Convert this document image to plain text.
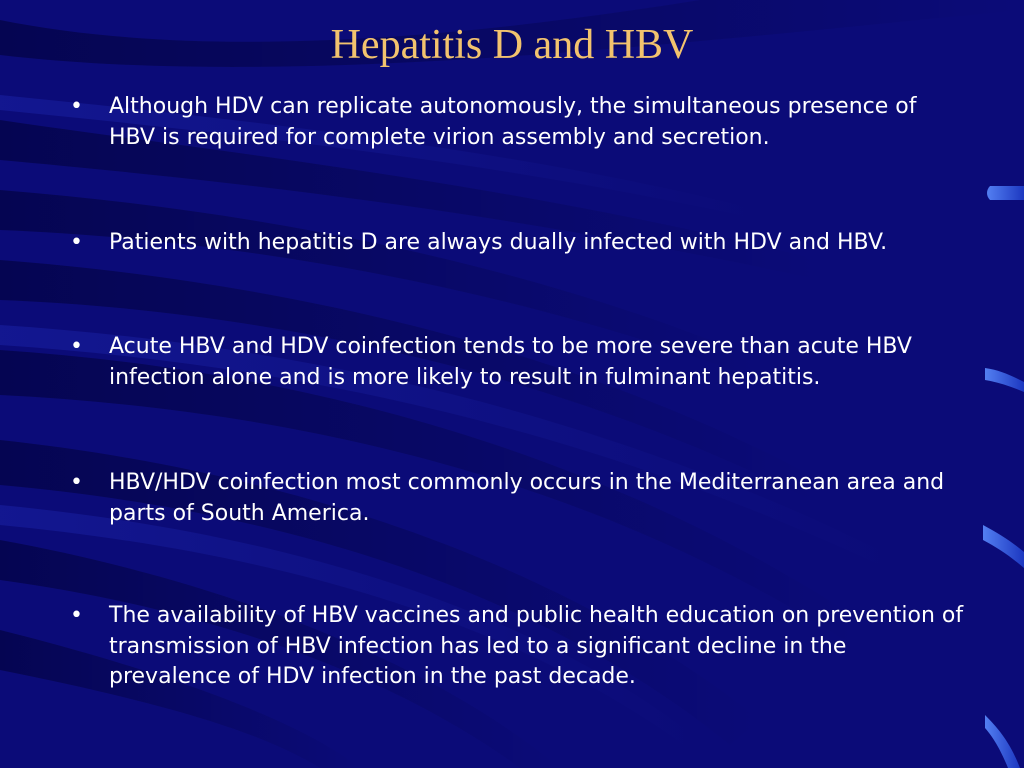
Hepatitis D and HBV
•	Although HDV can replicate autonomously, the simultaneous presence of HBV is required for complete virion assembly and secretion.
•	Patients with hepatitis D are always dually infected with HDV and HBV.
•	Acute HBV and HDV coinfection tends to be more severe than acute HBV infection alone and is more likely to result in fulminant hepatitis.
•	HBV/HDV coinfection most commonly occurs in the Mediterranean area and parts of South America.
•	The availability of HBV vaccines and public health education on prevention of transmission of HBV infection has led to a significant decline in the prevalence of HDV infection in the past decade.
